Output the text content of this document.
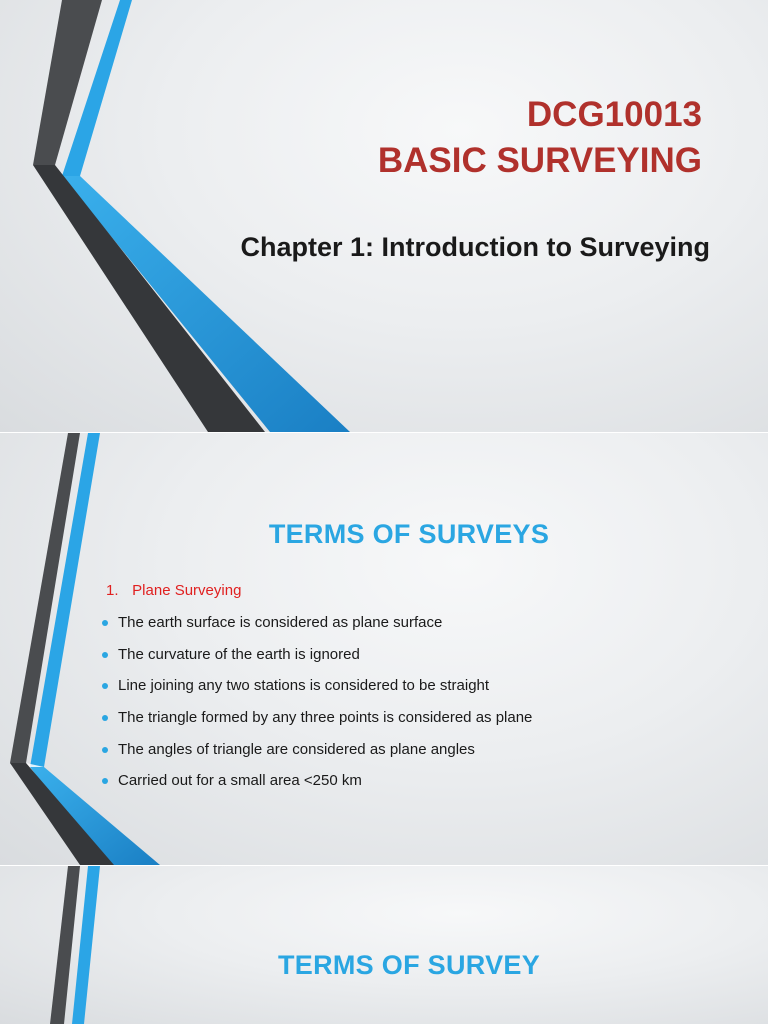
DCG10013
BASIC SURVEYING
Chapter 1: Introduction to Surveying
TERMS OF SURVEYS
1. Plane Surveying
The earth surface is considered as plane surface
The curvature of the earth is ignored
Line joining any two stations is considered to be straight
The triangle formed by any three points is considered as plane
The angles of triangle are considered as plane angles
Carried out for a small area <250 km
TERMS OF SURVEY
